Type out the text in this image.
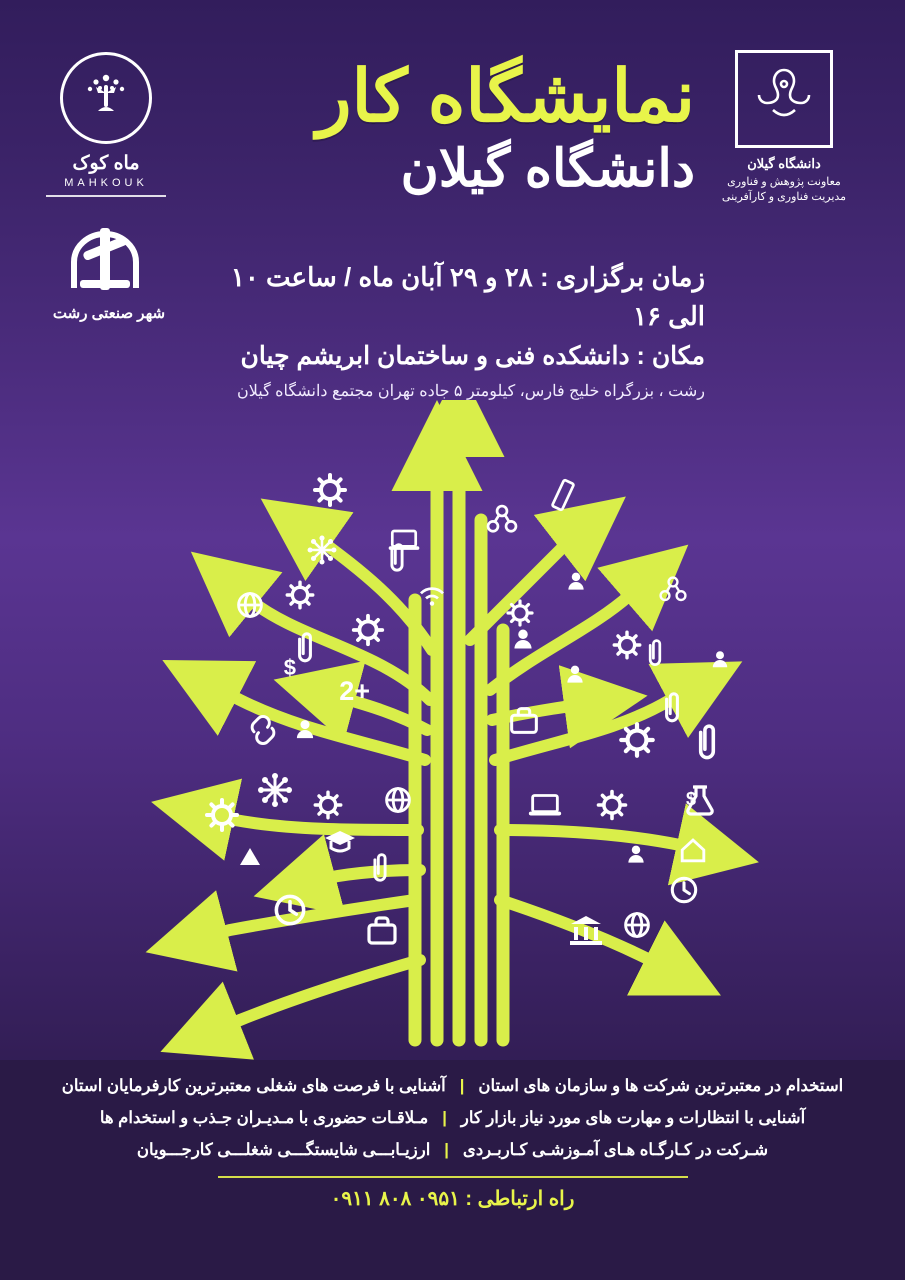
ماه کوک
MAHKOUK
شهر صنعتی رشت
دانشگاه گیلان
معاونت پژوهش و فناوری
مدیریت فناوری و کارآفرینی
نمایشگاه کار
دانشگاه گیلان
زمان برگزاری : ۲۸ و ۲۹ آبان ماه / ساعت ۱۰ الی ۱۶
مکان : دانشکده فنی و ساختمان ابریشم چیان
رشت ، بزرگراه خلیج فارس، کیلومتر ۵ جاده تهران مجتمع دانشگاه گیلان
+2
$
$
استخدام در معتبرترین شرکت ها و سازمان های استان
|
آشنایی با فرصت های شغلی معتبرترین کارفرمایان استان
آشنایی با انتظارات و مهارت های مورد نیاز بازار کار
|
مـلاقـات حضوری با مـدیـران جـذب و استخدام ها
شـرکت در کـارگـاه هـای آمـوزشـی کـاربـردی
|
ارزیـابـــی شایستگـــی شغلـــی کارجـــویان
راه ارتباطی : ۰۹۵۱ ۸۰۸ ۰۹۱۱
